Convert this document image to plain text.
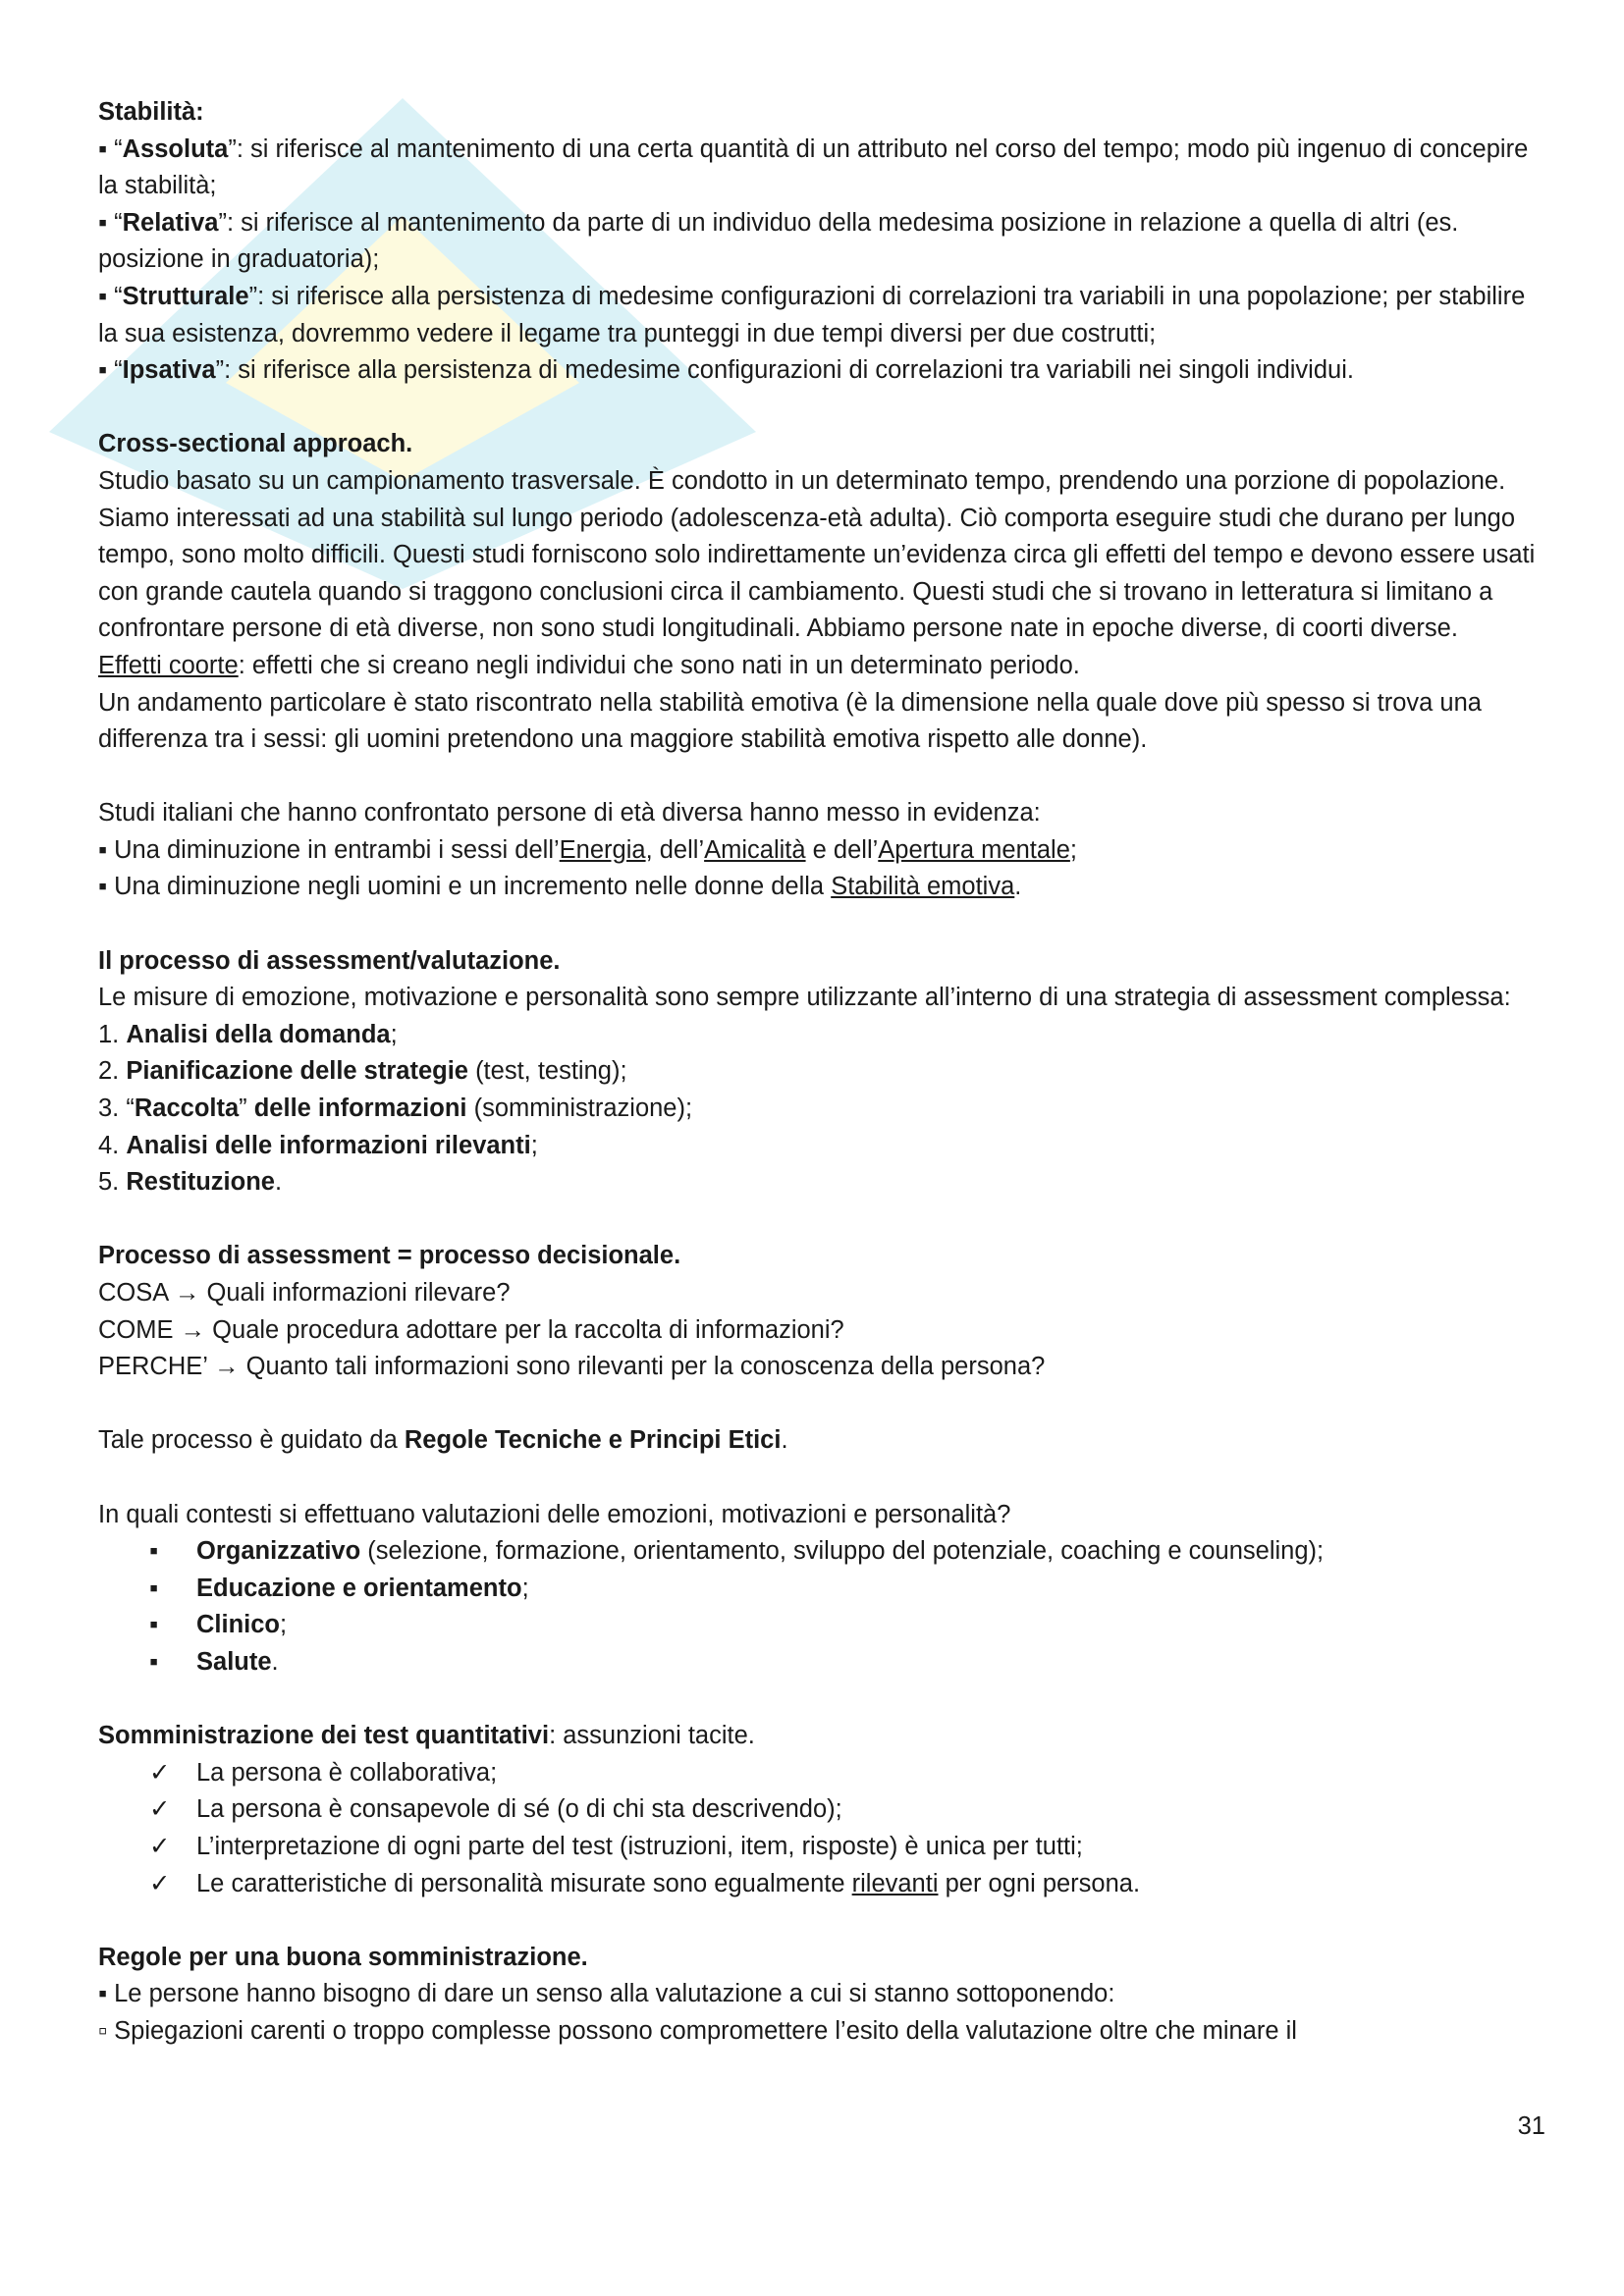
Stabilità:

▪ “Assoluta”: si riferisce al mantenimento di una certa quantità di un attributo nel corso del tempo; modo più ingenuo di concepire la stabilità;

▪ “Relativa”: si riferisce al mantenimento da parte di un individuo della medesima posizione in relazione a quella di altri (es. posizione in graduatoria);

▪ “Strutturale”: si riferisce alla persistenza di medesime configurazioni di correlazioni tra variabili in una popolazione; per stabilire la sua esistenza, dovremmo vedere il legame tra punteggi in due tempi diversi per due costrutti;

▪ “Ipsativa”: si riferisce alla persistenza di medesime configurazioni di correlazioni tra variabili nei singoli individui.

Cross-sectional approach.

Studio basato su un campionamento trasversale. È condotto in un determinato tempo, prendendo una porzione di popolazione. Siamo interessati ad una stabilità sul lungo periodo (adolescenza-età adulta). Ciò comporta eseguire studi che durano per lungo tempo, sono molto difficili. Questi studi forniscono solo indirettamente un’evidenza circa gli effetti del tempo e devono essere usati con grande cautela quando si traggono conclusioni circa il cambiamento. Questi studi che si trovano in letteratura si limitano a confrontare persone di età diverse, non sono studi longitudinali. Abbiamo persone nate in epoche diverse, di coorti diverse.

Effetti coorte: effetti che si creano negli individui che sono nati in un determinato periodo.

Un andamento particolare è stato riscontrato nella stabilità emotiva (è la dimensione nella quale dove più spesso si trova una differenza tra i sessi: gli uomini pretendono una maggiore stabilità emotiva rispetto alle donne).

Studi italiani che hanno confrontato persone di età diversa hanno messo in evidenza:

▪ Una diminuzione in entrambi i sessi dell’Energia, dell’Amicalità e dell’Apertura mentale;

▪ Una diminuzione negli uomini e un incremento nelle donne della Stabilità emotiva.

Il processo di assessment/valutazione.

Le misure di emozione, motivazione e personalità sono sempre utilizzante all’interno di una strategia di assessment complessa:

1. Analisi della domanda;

2. Pianificazione delle strategie (test, testing);

3. “Raccolta” delle informazioni (somministrazione);

4. Analisi delle informazioni rilevanti;

5. Restituzione.

Processo di assessment = processo decisionale.

COSA → Quali informazioni rilevare?

COME → Quale procedura adottare per la raccolta di informazioni?

PERCHE’ → Quanto tali informazioni sono rilevanti per la conoscenza della persona?

Tale processo è guidato da Regole Tecniche e Principi Etici.

In quali contesti si effettuano valutazioni delle emozioni, motivazioni e personalità?

▪ Organizzativo (selezione, formazione, orientamento, sviluppo del potenziale, coaching e counseling);

▪ Educazione e orientamento;

▪ Clinico;

▪ Salute.

Somministrazione dei test quantitativi: assunzioni tacite.

✓ La persona è collaborativa;

✓ La persona è consapevole di sé (o di chi sta descrivendo);

✓ L’interpretazione di ogni parte del test (istruzioni, item, risposte) è unica per tutti;

✓ Le caratteristiche di personalità misurate sono egualmente rilevanti per ogni persona.

Regole per una buona somministrazione.

▪ Le persone hanno bisogno di dare un senso alla valutazione a cui si stanno sottoponendo:

▫ Spiegazioni carenti o troppo complesse possono compromettere l’esito della valutazione oltre che minare il

31
